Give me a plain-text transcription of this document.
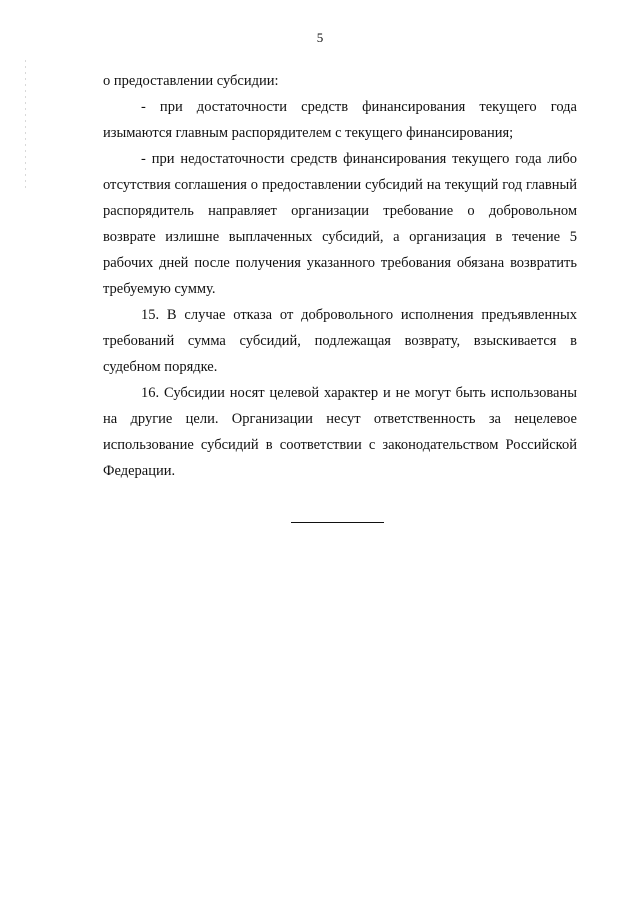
5

о предоставлении субсидии:

- при достаточности средств финансирования текущего года изымаются главным распорядителем с текущего финансирования;

- при недостаточности средств финансирования текущего года либо отсутствия соглашения о предоставлении субсидий на текущий год главный распорядитель направляет организации требование о добровольном возврате излишне выплаченных субсидий, а организация в течение 5 рабочих дней после получения указанного требования обязана возвратить требуемую сумму.

15. В случае отказа от добровольного исполнения предъявленных требований сумма субсидий, подлежащая возврату, взыскивается в судебном порядке.

16. Субсидии носят целевой характер и не могут быть использованы на другие цели. Организации несут ответственность за нецелевое использование субсидий в соответствии с законодательством Российской Федерации.
